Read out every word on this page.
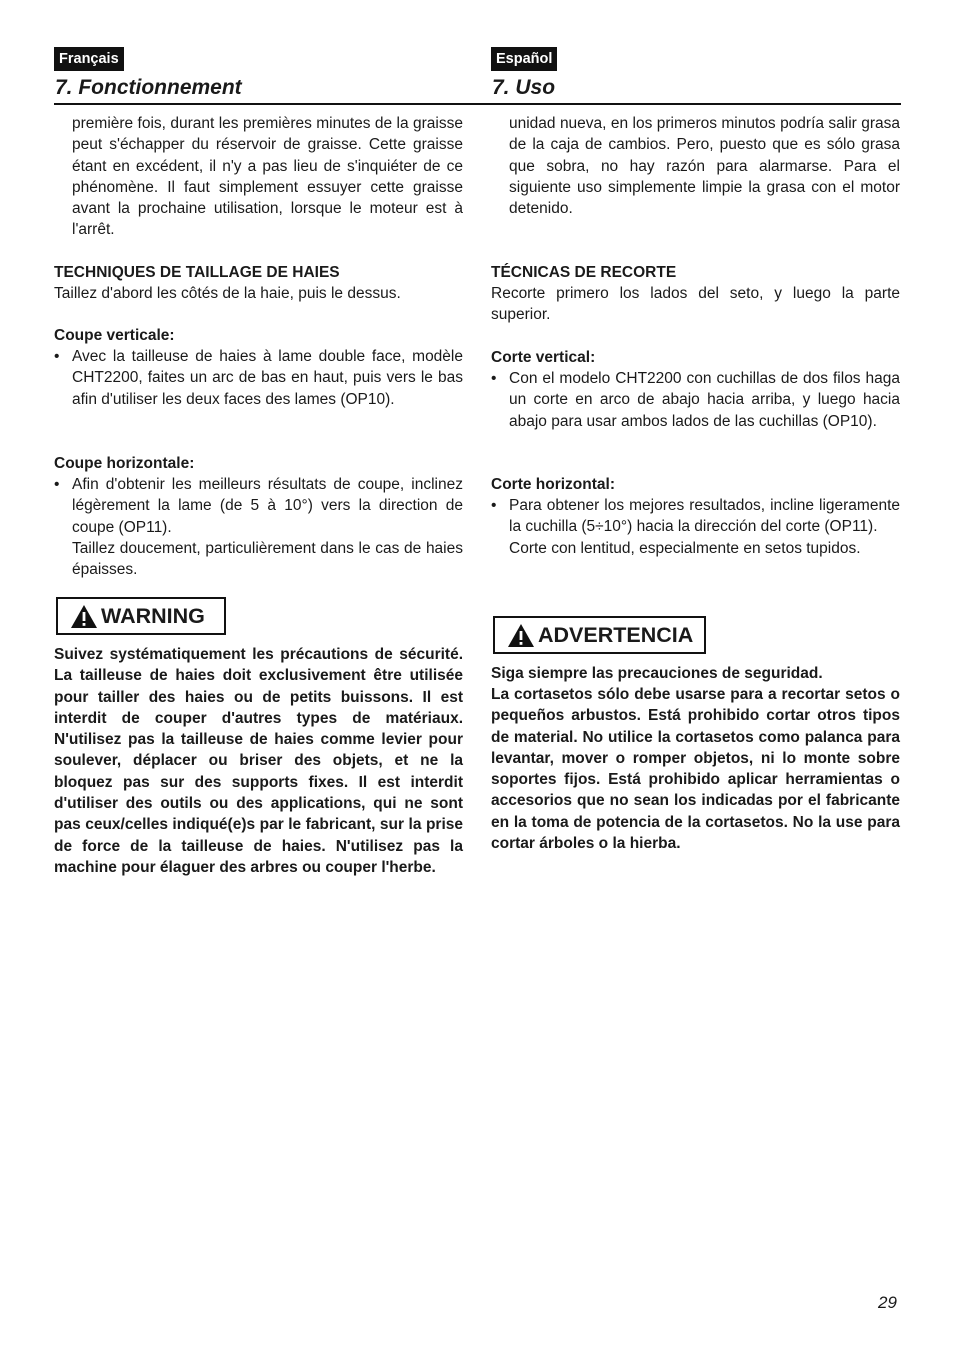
Français
7. Fonctionnement

première fois, durant les premières minutes de la graisse peut s'échapper du réservoir de graisse. Cette graisse étant en excédent, il n'y a pas lieu de s'inquiéter de ce phénomène. Il faut simplement essuyer cette graisse avant la prochaine utilisation, lorsque le moteur est à l'arrêt.

TECHNIQUES DE TAILLAGE DE HAIES

Taillez d'abord les côtés de la haie, puis le dessus.

Coupe verticale:

• Avec la tailleuse de haies à lame double face, modèle CHT2200, faites un arc de bas en haut, puis vers le bas afin d'utiliser les deux faces des lames (OP10).

Coupe horizontale:

• Afin d'obtenir les meilleurs résultats de coupe, inclinez légèrement la lame (de 5 à 10°) vers la direction de coupe (OP11).

Taillez doucement, particulièrement dans le cas de haies épaisses.

WARNING

Suivez systématiquement les précautions de sécurité. La tailleuse de haies doit exclusivement être utilisée pour tailler des haies ou de petits buissons. Il est interdit de couper d'autres types de matériaux. N'utilisez pas la tailleuse de haies comme levier pour soulever, déplacer ou briser des objets, et ne la bloquez pas sur des supports fixes. Il est interdit d'utiliser des outils ou des applications, qui ne sont pas ceux/celles indiqué(e)s par le fabricant, sur la prise de force de la tailleuse de haies. N'utilisez pas la machine pour élaguer des arbres ou couper l'herbe.

Español
7. Uso

unidad nueva, en los primeros minutos podría salir grasa de la caja de cambios. Pero, puesto que es sólo grasa que sobra, no hay razón para alarmarse. Para el siguiente uso simplemente limpie la grasa con el motor detenido.

TÉCNICAS DE RECORTE

Recorte primero los lados del seto, y luego la parte superior.

Corte vertical:

• Con el modelo CHT2200 con cuchillas de dos filos haga un corte en arco de abajo hacia arriba, y luego hacia abajo para usar ambos lados de las cuchillas (OP10).

Corte horizontal:

• Para obtener los mejores resultados, incline ligeramente la cuchilla (5÷10°) hacia la dirección del corte (OP11).

Corte con lentitud, especialmente en setos tupidos.

ADVERTENCIA

Siga siempre las precauciones de seguridad.

La cortasetos sólo debe usarse para a recortar setos o pequeños arbustos. Está prohibido cortar otros tipos de material. No utilice la cortasetos como palanca para levantar, mover o romper objetos, ni lo monte sobre soportes fijos. Está prohibido aplicar herramientas o accesorios que no sean los indicadas por el fabricante en la toma de potencia de la cortasetos. No la use para cortar árboles o la hierba.

29
